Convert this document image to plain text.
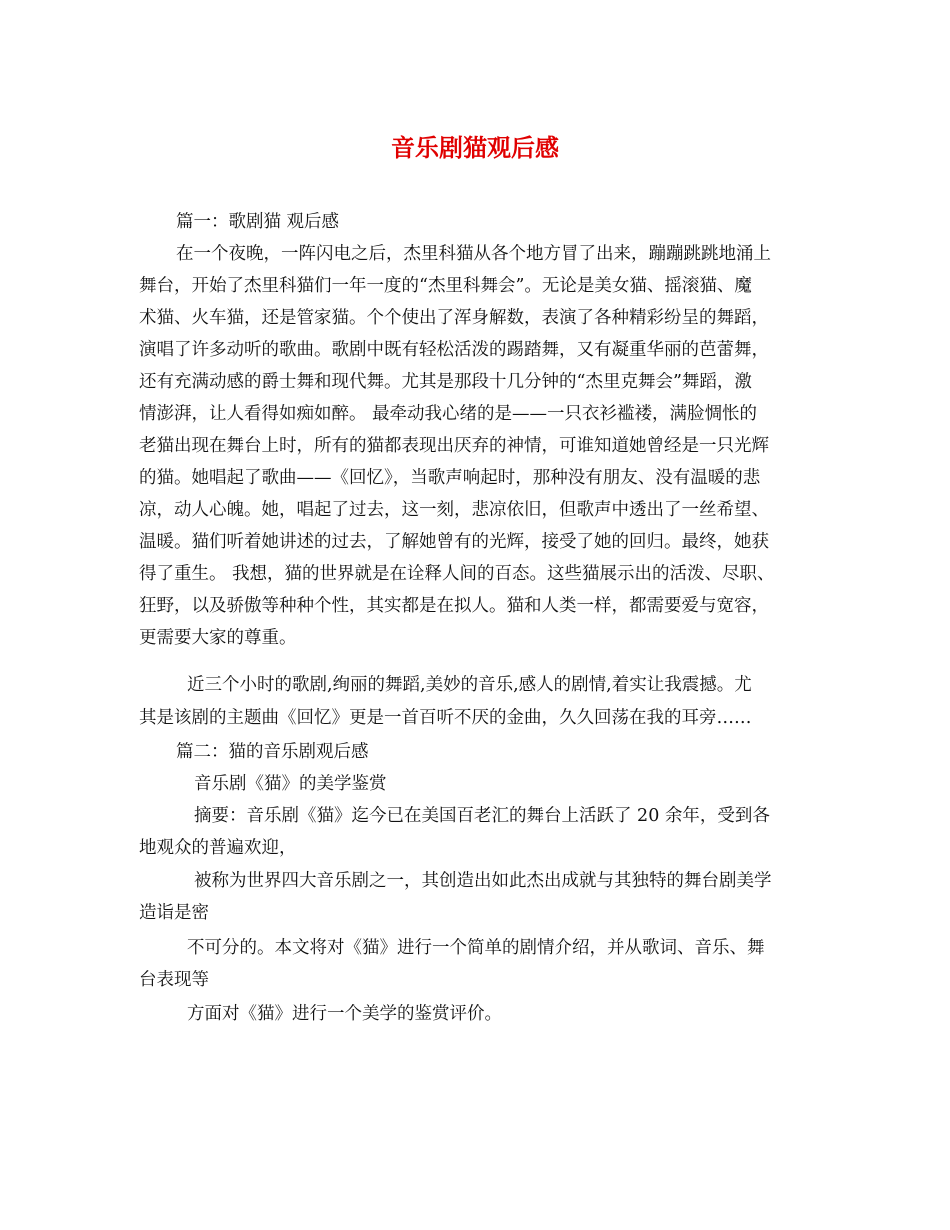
音乐剧猫观后感
篇一：歌剧猫 观后感
在一个夜晚，一阵闪电之后，杰里科猫从各个地方冒了出来，蹦蹦跳跳地涌上
舞台，开始了杰里科猫们一年一度的“杰里科舞会”。无论是美女猫、摇滚猫、魔
术猫、火车猫，还是管家猫。个个使出了浑身解数，表演了各种精彩纷呈的舞蹈，
演唱了许多动听的歌曲。歌剧中既有轻松活泼的踢踏舞，又有凝重华丽的芭蕾舞，
还有充满动感的爵士舞和现代舞。尤其是那段十几分钟的“杰里克舞会”舞蹈，激
情澎湃，让人看得如痴如醉。 最牵动我心绪的是——一只衣衫褴褛，满脸惆怅的
老猫出现在舞台上时，所有的猫都表现出厌弃的神情，可谁知道她曾经是一只光辉
的猫。她唱起了歌曲——《回忆》，当歌声响起时，那种没有朋友、没有温暖的悲
凉，动人心魄。她，唱起了过去，这一刻，悲凉依旧，但歌声中透出了一丝希望、
温暖。猫们听着她讲述的过去，了解她曾有的光辉，接受了她的回归。最终，她获
得了重生。 我想，猫的世界就是在诠释人间的百态。这些猫展示出的活泼、尽职、
狂野，以及骄傲等种种个性，其实都是在拟人。猫和人类一样，都需要爱与宽容，
更需要大家的尊重。
近三个小时的歌剧,绚丽的舞蹈,美妙的音乐,感人的剧情,着实让我震撼。尤
其是该剧的主题曲《回忆》更是一首百听不厌的金曲，久久回荡在我的耳旁……
篇二：猫的音乐剧观后感
音乐剧《猫》的美学鉴赏
摘要：音乐剧《猫》迄今已在美国百老汇的舞台上活跃了 20 余年，受到各
地观众的普遍欢迎，
被称为世界四大音乐剧之一，其创造出如此杰出成就与其独特的舞台剧美学
造诣是密
不可分的。本文将对《猫》进行一个简单的剧情介绍，并从歌词、音乐、舞
台表现等
方面对《猫》进行一个美学的鉴赏评价。
